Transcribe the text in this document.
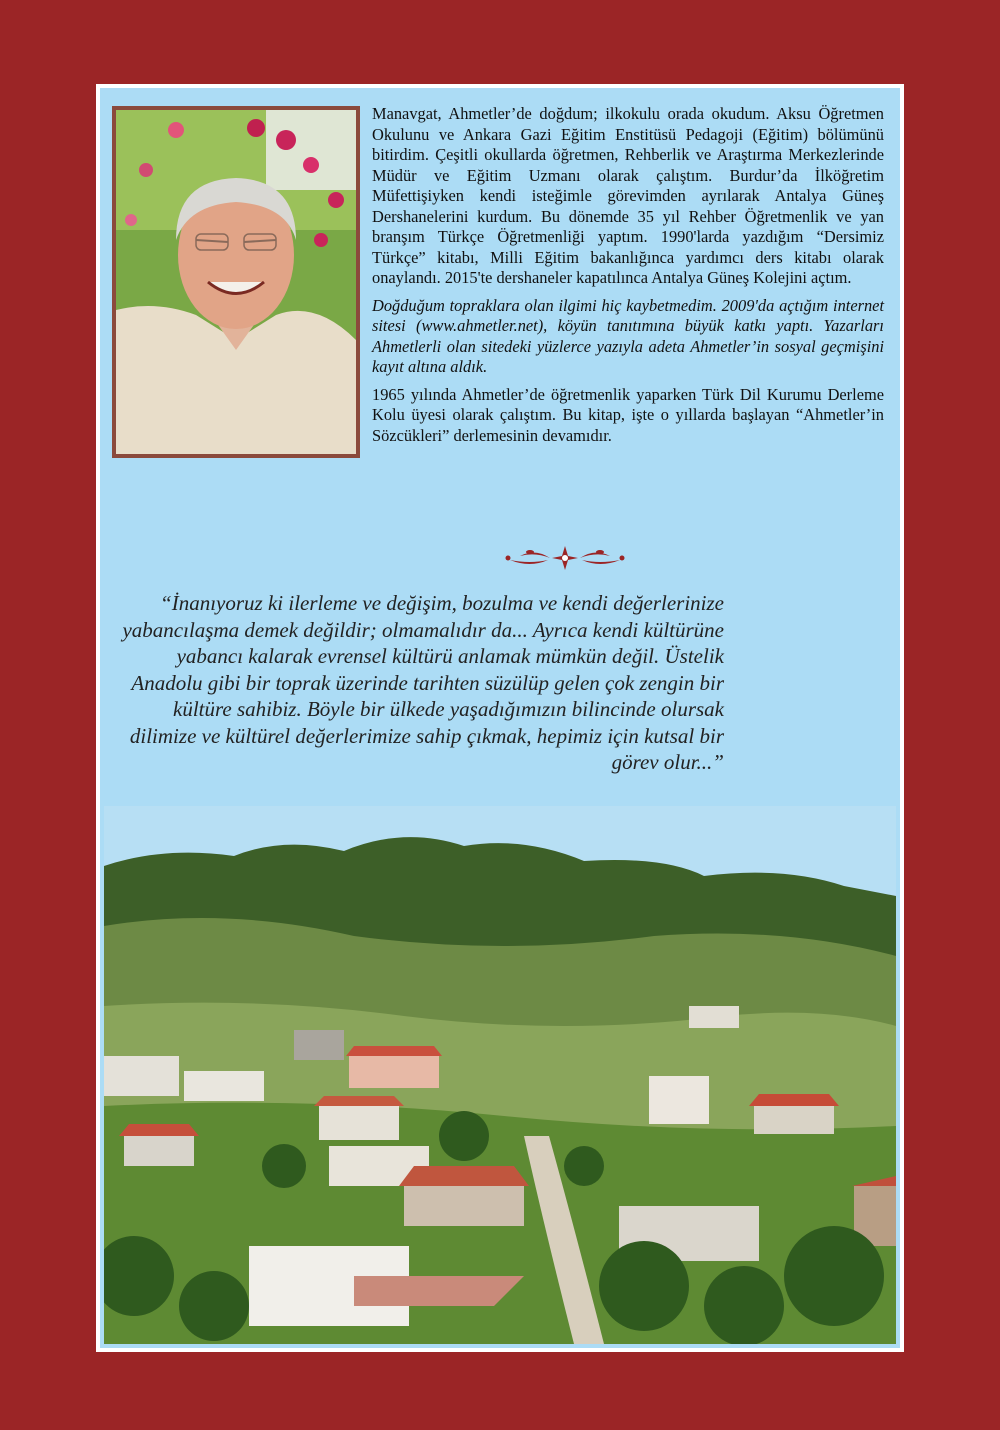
Manavgat, Ahmetler’de doğdum; ilkokulu orada okudum. Aksu Öğretmen Okulunu ve Ankara Gazi Eğitim Enstitüsü Pedagoji (Eğitim) bölümünü bitirdim. Çeşitli okullarda öğretmen, Rehberlik ve Araştırma Merkezlerinde Müdür ve Eğitim Uzmanı olarak çalıştım. Burdur’da İlköğretim Müfettişiyken kendi isteğimle görevimden ayrılarak Antalya Güneş Dershanelerini kurdum. Bu dönemde 35 yıl Rehber Öğretmenlik ve yan branşım Türkçe Öğretmenliği yaptım. 1990'larda yazdığım “Dersimiz Türkçe” kitabı, Milli Eğitim bakanlığınca yardımcı ders kitabı olarak onaylandı. 2015'te dershaneler kapatılınca Antalya Güneş Kolejini açtım.

Doğduğum topraklara olan ilgimi hiç kaybetmedim. 2009'da açtığım internet sitesi (www.ahmetler.net), köyün tanıtımına büyük katkı yaptı. Yazarları Ahmetlerli olan sitedeki yüzlerce yazıyla adeta Ahmetler’in sosyal geçmişini kayıt altına aldık.

1965 yılında Ahmetler’de öğretmenlik yaparken Türk Dil Kurumu Derleme Kolu üyesi olarak çalıştım. Bu kitap, işte o yıllarda başlayan “Ahmetler’in Sözcükleri” derlemesinin devamıdır.

“İnanıyoruz ki ilerleme ve değişim, bozulma ve kendi değerlerinize yabancılaşma demek değildir; olmamalıdır da... Ayrıca kendi kültürüne yabancı kalarak evrensel kültürü anlamak mümkün değil. Üstelik Anadolu gibi bir toprak üzerinde tarihten süzülüp gelen çok zengin bir kültüre sahibiz. Böyle bir ülkede yaşadığımızın bilincinde olursak dilimize ve kültürel değerlerimize sahip çıkmak, hepimiz için kutsal bir görev olur...”
